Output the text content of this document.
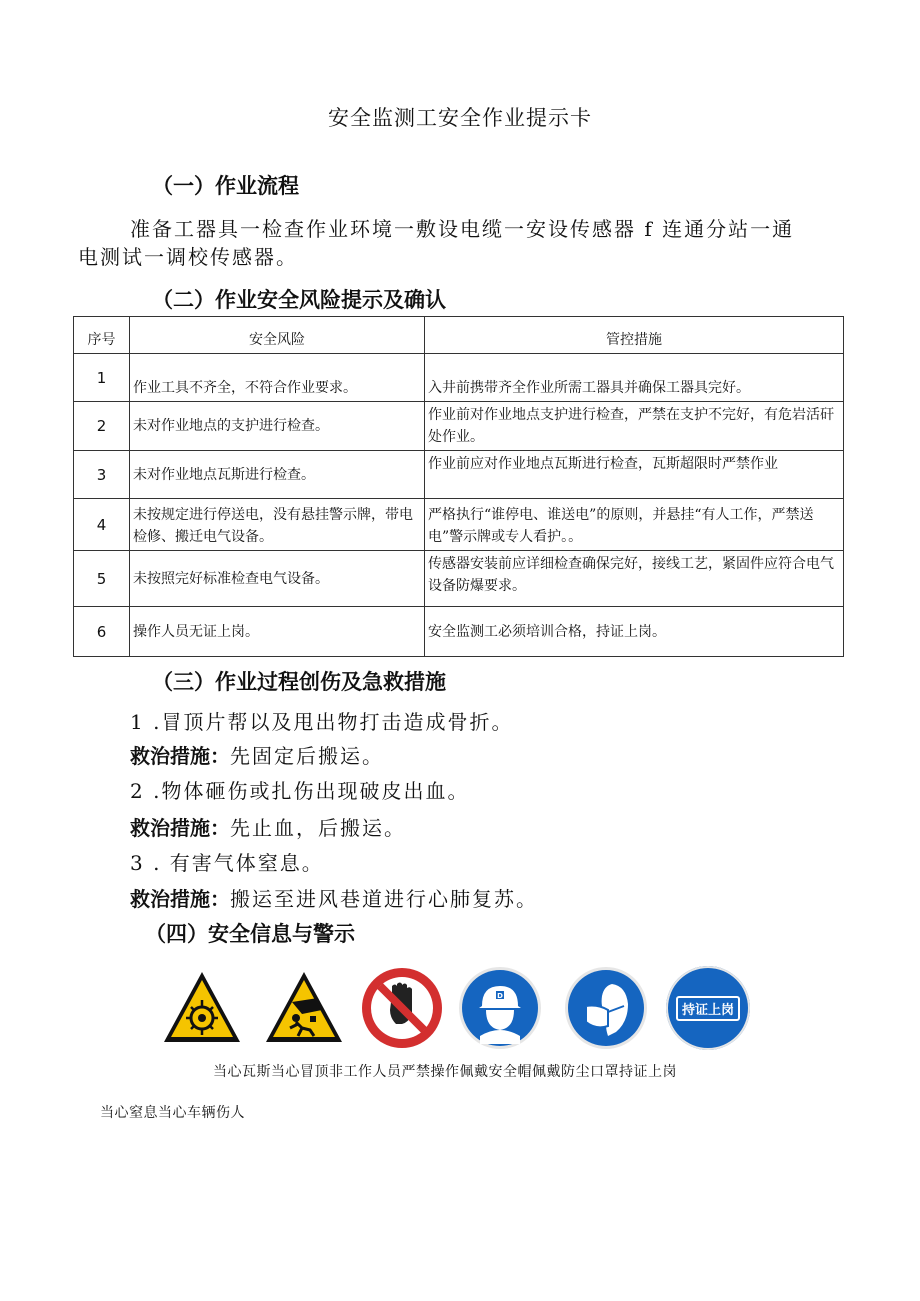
安全监测工安全作业提示卡
（一）作业流程
准备工器具一检查作业环境一敷设电缆一安设传感器 f 连通分站一通
电测试一调校传感器。
（二）作业安全风险提示及确认
序号	安全风险	管控措施
1	作业工具不齐全，不符合作业要求。	入井前携带齐全作业所需工器具并确保工器具完好。
2	未对作业地点的支护进行检查。	作业前对作业地点支护进行检查，严禁在支护不完好，有危岩活矸处作业。
3	未对作业地点瓦斯进行检查。	作业前应对作业地点瓦斯进行检查，瓦斯超限时严禁作业
4	未按规定进行停送电，没有悬挂警示牌，带电检修、搬迁电气设备。	严格执行“谁停电、谁送电”的原则，并悬挂“有人工作，严禁送电”警示牌或专人看护。。
5	未按照完好标准检查电气设备。	传感器安装前应详细检查确保完好，接线工艺，紧固件应符合电气设备防爆要求。
6	操作人员无证上岗。	安全监测工必须培训合格，持证上岗。
（三）作业过程创伤及急救措施
1 .冒顶片帮以及甩出物打击造成骨折。
救治措施：先固定后搬运。
2 .物体砸伤或扎伤出现破皮出血。
救治措施：先止血，后搬运。
3 . 有害气体窒息。
救治措施：搬运至进风巷道进行心肺复苏。
（四）安全信息与警示
D
持证上岗
当心瓦斯当心冒顶非工作人员严禁操作佩戴安全帽佩戴防尘口罩持证上岗
当心窒息当心车辆伤人
